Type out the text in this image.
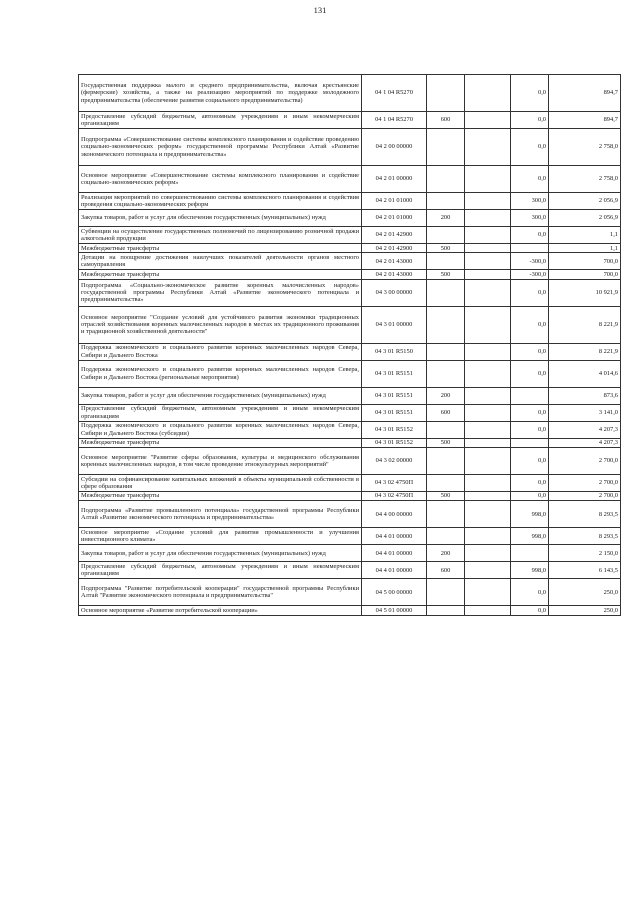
131
Государственная поддержка малого и среднего предпринимательства, включая крестьянские (фермерские) хозяйства, а также на реализацию мероприятий по поддержке молодежного предпринимательства (обеспечение развития социального предпринимательства)	04 1 04 R5270			0,0	894,7
Предоставление субсидий бюджетным, автономным учреждениям и иным некоммерческим организациям	04 1 04 R5270	600		0,0	894,7
Подпрограмма «Совершенствование системы комплексного планирования и содействие проведению социально-экономических реформ» государственной программы Республики Алтай «Развитие экономического потенциала и предпринимательства»	04 2 00 00000			0,0	2 758,0
Основное мероприятие «Совершенствование системы комплексного планирования и содействие социально-экономических реформ»	04 2 01 00000			0,0	2 758,0
Реализация мероприятий по совершенствованию системы комплексного планирования и содействия проведения социально-экономических реформ	04 2 01 01000			300,0	2 056,9
Закупка товаров, работ и услуг для обеспечения государственных (муниципальных) нужд	04 2 01 01000	200		300,0	2 056,9
Субвенции на осуществление государственных полномочий по лицензированию розничной продажи алкогольной продукции	04 2 01 42900			0,0	1,1
Межбюджетные трансферты	04 2 01 42900	500			1,1
Дотации на поощрение достижения наилучших показателей деятельности органов местного самоуправления	04 2 01 43000			-300,0	700,0
Межбюджетные трансферты	04 2 01 43000	500		-300,0	700,0
Подпрограмма «Социально-экономическое развитие коренных малочисленных народов» государственной программы Республики Алтай «Развитие экономического потенциала и предпринимательства»	04 3 00 00000			0,0	10 921,9
Основное мероприятие "Создание условий для устойчивого развития экономики традиционных отраслей хозяйствования коренных малочисленных народов в местах их традиционного проживания и традиционной хозяйственной деятельности"	04 3 01 00000			0,0	8 221,9
Поддержка экономического и социального развития коренных малочисленных народов Севера, Сибири и Дальнего Востока	04 3 01 R5150			0,0	8 221,9
Поддержка экономического и социального развития коренных малочисленных народов Севера, Сибири и Дальнего Востока (региональные мероприятия)	04 3 01 R5151			0,0	4 014,6
Закупка товаров, работ и услуг для обеспечения государственных (муниципальных) нужд	04 3 01 R5151	200			873,6
Предоставление субсидий бюджетным, автономным учреждениям и иным некоммерческим организациям	04 3 01 R5151	600		0,0	3 141,0
Поддержка экономического и социального развития коренных малочисленных народов Севера, Сибири и Дальнего Востока (субсидии)	04 3 01 R5152			0,0	4 207,3
Межбюджетные трансферты	04 3 01 R5152	500			4 207,3
Основное мероприятие "Развитие сферы образования, культуры и медицинского обслуживания коренных малочисленных народов, в том числе проведение этнокультурных мероприятий"	04 3 02 00000			0,0	2 700,0
Субсидии на софинансирование капитальных вложений в объекты муниципальной собственности в сфере образования	04 3 02 4750П			0,0	2 700,0
Межбюджетные трансферты	04 3 02 4750П	500		0,0	2 700,0
Подпрограмма «Развитие промышленного потенциала» государственной программы Республики Алтай «Развитие экономического потенциала и предпринимательства»	04 4 00 00000			998,0	8 293,5
Основное мероприятие «Создание условий для развития промышленности и улучшения инвестиционного климата»	04 4 01 00000			998,0	8 293,5
Закупка товаров, работ и услуг для обеспечения государственных (муниципальных) нужд	04 4 01 00000	200			2 150,0
Предоставление субсидий бюджетным, автономным учреждениям и иным некоммерческим организациям	04 4 01 00000	600		998,0	6 143,5
Подпрограмма "Развитие потребительской кооперации" государственной программы Республики Алтай "Развитие экономического потенциала и предпринимательства"	04 5 00 00000			0,0	250,0
Основное мероприятие «Развитие потребительской кооперации»	04 5 01 00000			0,0	250,0
